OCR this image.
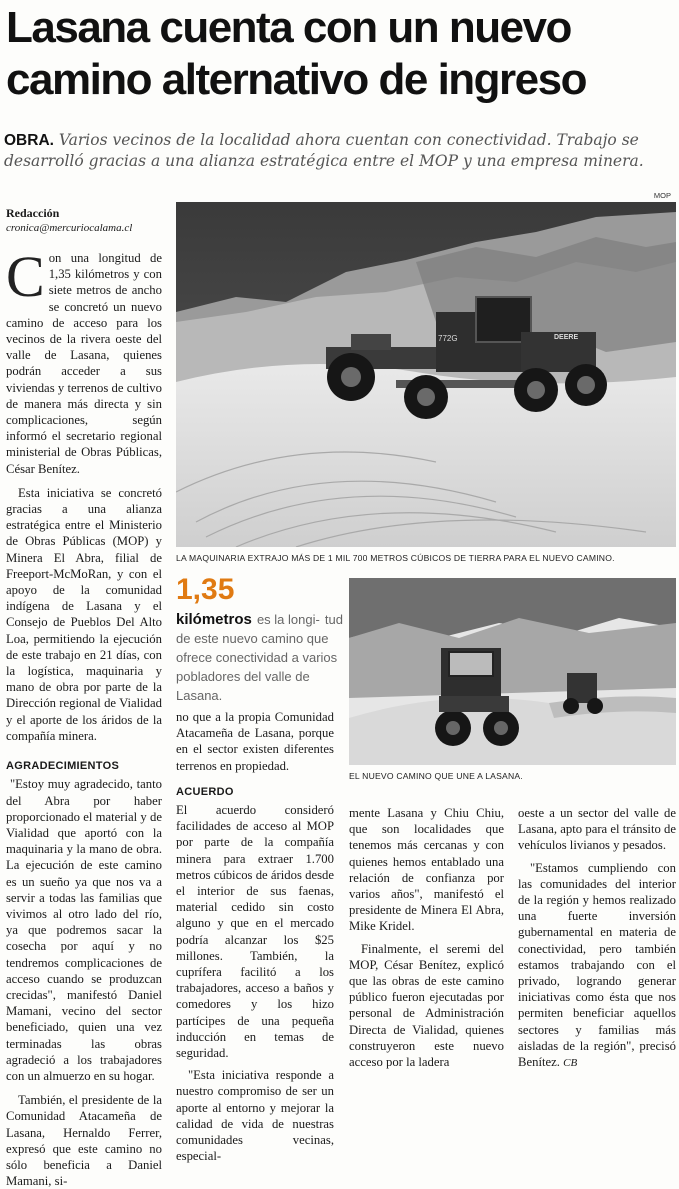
Lasana cuenta con un nuevo camino alternativo de ingreso
OBRA. Varios vecinos de la localidad ahora cuentan con conectividad. Trabajo se desarrolló gracias a una alianza estratégica entre el MOP y una empresa minera.
Redacción
cronica@mercuriocalama.cl
MOP
772G	DEERE
LA MAQUINARIA EXTRAJO MÁS DE 1 MIL 700 METROS CÚBICOS DE TIERRA PARA EL NUEVO CAMINO.
1,35
kilómetros es la longi- tud de este nuevo camino que ofrece conectividad a varios pobladores del valle de Lasana.
EL NUEVO CAMINO QUE UNE A LASANA.
C on una longitud de 1,35 kilómetros y con siete metros de ancho se concretó un nuevo camino de acceso para los vecinos de la rivera oeste del valle de Lasana, quienes podrán acceder a sus viviendas y terrenos de cultivo de manera más directa y sin complicaciones, según informó el secretario regional ministerial de Obras Públicas, César Benítez.

Esta iniciativa se concretó gracias a una alianza estratégica entre el Ministerio de Obras Públicas (MOP) y Minera El Abra, filial de Freeport-McMoRan, y con el apoyo de la comunidad indígena de Lasana y el Consejo de Pueblos Del Alto Loa, permitiendo la ejecución de este trabajo en 21 días, con la logística, maquinaria y mano de obra por parte de la Dirección regional de Vialidad y el aporte de los áridos de la compañía minera.

AGRADECIMIENTOS

"Estoy muy agradecido, tanto del Abra por haber proporcionado el material y de Vialidad que aportó con la maquinaria y la mano de obra. La ejecución de este camino es un sueño ya que nos va a servir a todas las familias que vivimos al otro lado del río, ya que podremos sacar la cosecha por aquí y no tendremos complicaciones de acceso cuando se produzcan crecidas", manifestó Daniel Mamani, vecino del sector beneficiado, quien una vez terminadas las obras agradeció a los trabajadores con un almuerzo en su hogar.

También, el presidente de la Comunidad Atacameña de Lasana, Hernaldo Ferrer, expresó que este camino no sólo beneficia a Daniel Mamani, si-

no que a la propia Comunidad Atacameña de Lasana, porque en el sector existen diferentes terrenos en propiedad.

ACUERDO

El acuerdo consideró facilidades de acceso al MOP por parte de la compañía minera para extraer 1.700 metros cúbicos de áridos desde el interior de sus faenas, material cedido sin costo alguno y que en el mercado podría alcanzar los $25 millones. También, la cuprífera facilitó a los trabajadores, acceso a baños y comedores y los hizo partícipes de una pequeña inducción en temas de seguridad.

"Esta iniciativa responde a nuestro compromiso de ser un aporte al entorno y mejorar la calidad de vida de nuestras comunidades vecinas, especial-

mente Lasana y Chiu Chiu, que son localidades que tenemos más cercanas y con quienes hemos entablado una relación de confianza por varios años", manifestó el presidente de Minera El Abra, Mike Kridel.

Finalmente, el seremi del MOP, César Benítez, explicó que las obras de este camino público fueron ejecutadas por personal de Administración Directa de Vialidad, quienes construyeron este nuevo acceso por la ladera

oeste a un sector del valle de Lasana, apto para el tránsito de vehículos livianos y pesados.

"Estamos cumpliendo con las comunidades del interior de la región y hemos realizado una fuerte inversión gubernamental en materia de conectividad, pero también estamos trabajando con el privado, logrando generar iniciativas como ésta que nos permiten beneficiar aquellos sectores y familias más aisladas de la región", precisó Benítez. CB
